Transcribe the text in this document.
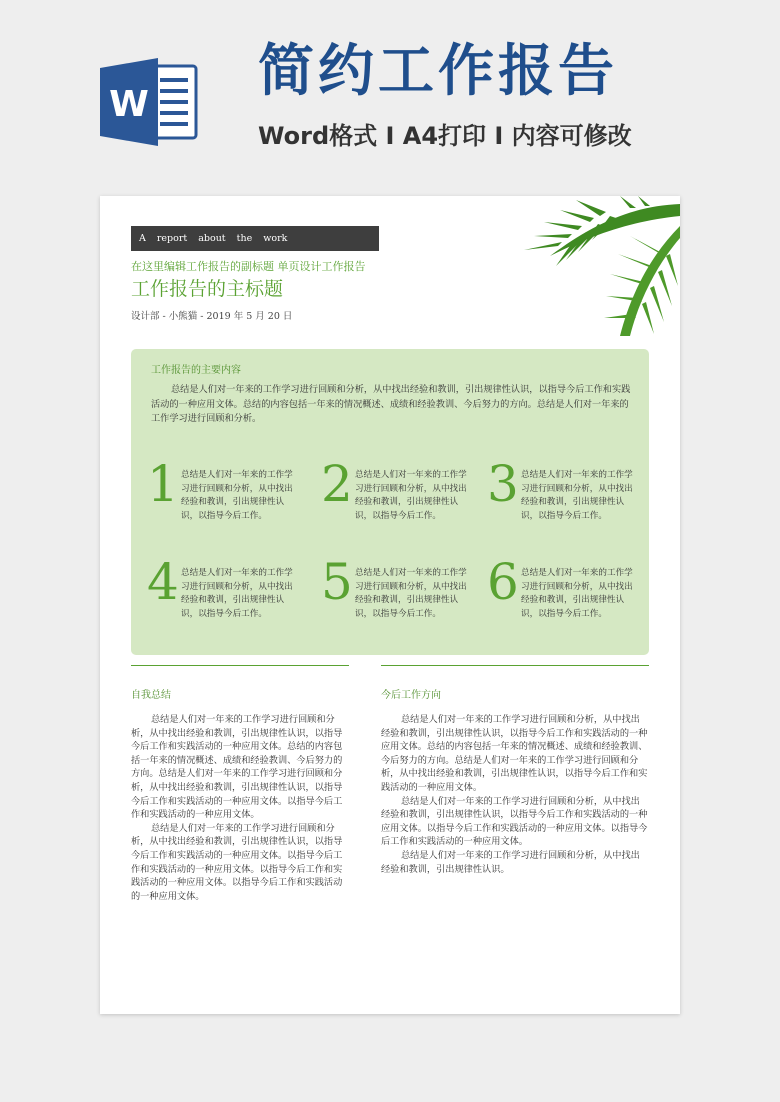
W
简约工作报告
Word格式 I A4打印 I 内容可修改
A report about the work
在这里编辑工作报告的副标题 单页设计工作报告
工作报告的主标题
设计部 - 小熊猫 - 2019 年 5 月 20 日
工作报告的主要内容

总结是人们对一年来的工作学习进行回顾和分析，从中找出经验和教训，引出规律性认识，以指导今后工作和实践活动的一种应用文体。总结的内容包括一年来的情况概述、成绩和经验教训、今后努力的方向。总结是人们对一年来的工作学习进行回顾和分析。

1 总结是人们对一年来的工作学习进行回顾和分析，从中找出经验和教训，引出规律性认识，以指导今后工作。

2 总结是人们对一年来的工作学习进行回顾和分析，从中找出经验和教训，引出规律性认识，以指导今后工作。

3 总结是人们对一年来的工作学习进行回顾和分析，从中找出经验和教训，引出规律性认识，以指导今后工作。

4 总结是人们对一年来的工作学习进行回顾和分析，从中找出经验和教训，引出规律性认识，以指导今后工作。

5 总结是人们对一年来的工作学习进行回顾和分析，从中找出经验和教训，引出规律性认识，以指导今后工作。

6 总结是人们对一年来的工作学习进行回顾和分析，从中找出经验和教训，引出规律性认识，以指导今后工作。

自我总结

总结是人们对一年来的工作学习进行回顾和分析，从中找出经验和教训，引出规律性认识，以指导今后工作和实践活动的一种应用文体。总结的内容包括一年来的情况概述、成绩和经验教训、今后努力的方向。总结是人们对一年来的工作学习进行回顾和分析，从中找出经验和教训，引出规律性认识，以指导今后工作和实践活动的一种应用文体。以指导今后工作和实践活动的一种应用文体。

总结是人们对一年来的工作学习进行回顾和分析，从中找出经验和教训，引出规律性认识，以指导今后工作和实践活动的一种应用文体。以指导今后工作和实践活动的一种应用文体。以指导今后工作和实践活动的一种应用文体。以指导今后工作和实践活动的一种应用文体。

今后工作方向

总结是人们对一年来的工作学习进行回顾和分析，从中找出经验和教训，引出规律性认识，以指导今后工作和实践活动的一种应用文体。总结的内容包括一年来的情况概述、成绩和经验教训、今后努力的方向。总结是人们对一年来的工作学习进行回顾和分析，从中找出经验和教训，引出规律性认识，以指导今后工作和实践活动的一种应用文体。

总结是人们对一年来的工作学习进行回顾和分析，从中找出经验和教训，引出规律性认识，以指导今后工作和实践活动的一种应用文体。以指导今后工作和实践活动的一种应用文体。以指导今后工作和实践活动的一种应用文体。

总结是人们对一年来的工作学习进行回顾和分析，从中找出经验和教训，引出规律性认识。
